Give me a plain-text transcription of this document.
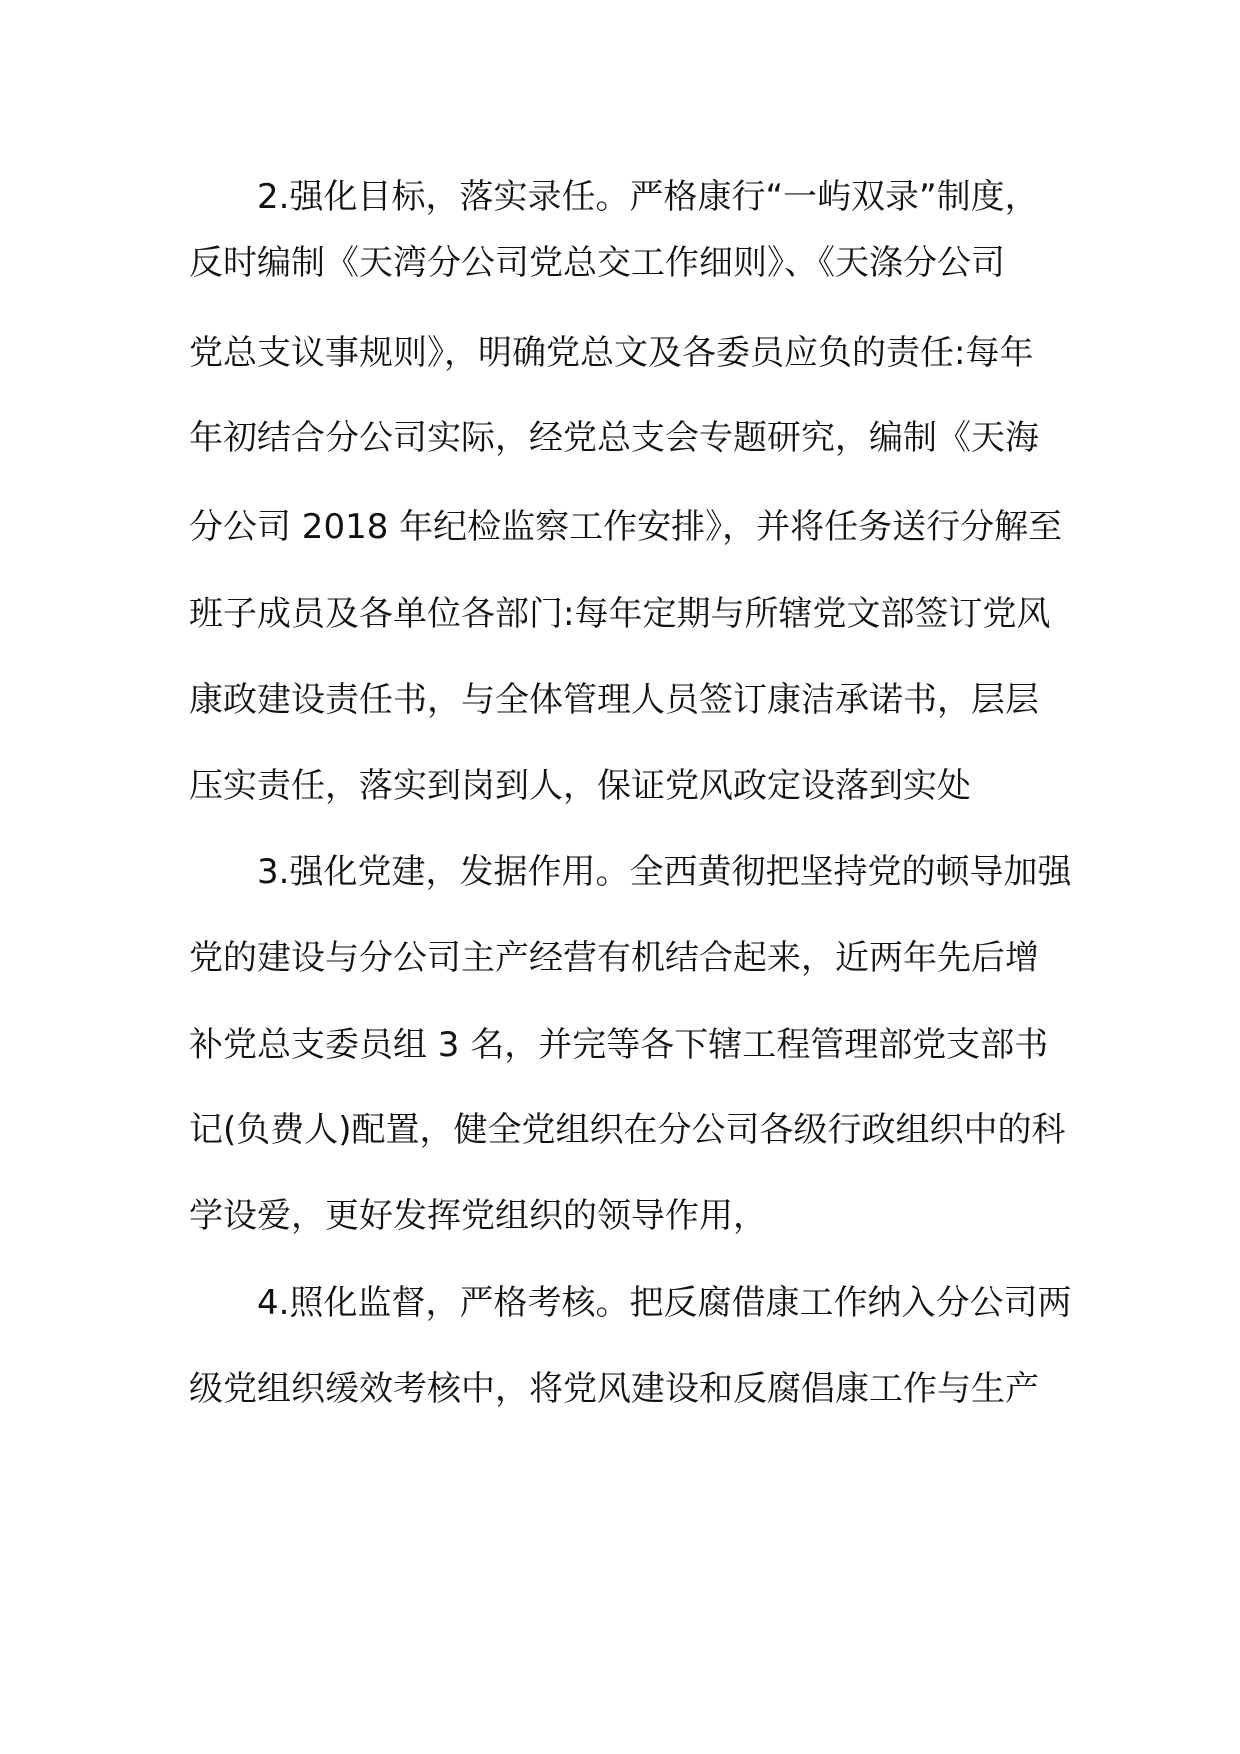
2.强化目标，落实录任。严格康行“一屿双录”制度，
反时编制《天湾分公司党总交工作细则》、《天涤分公司
党总支议事规则》，明确党总文及各委员应负的责任:每年
年初结合分公司实际，经党总支会专题研究，编制《天海
分公司 2018 年纪检监察工作安排》，并将任务送行分解至
班子成员及各单位各部门:每年定期与所辖党文部签订党风
康政建设责任书，与全体管理人员签订康洁承诺书，层层
压实责任，落实到岗到人，保证党风政定设落到实处
3.强化党建，发据作用。全西黄彻把坚持党的顿导加强
党的建设与分公司主产经营有机结合起来，近两年先后增
补党总支委员组 3 名，并完等各下辖工程管理部党支部书
记(负费人)配置，健全党组织在分公司各级行政组织中的科
学设爱，更好发挥党组织的领导作用，
4.照化监督，严格考核。把反腐借康工作纳入分公司两
级党组织缓效考核中，将党风建设和反腐倡康工作与生产
